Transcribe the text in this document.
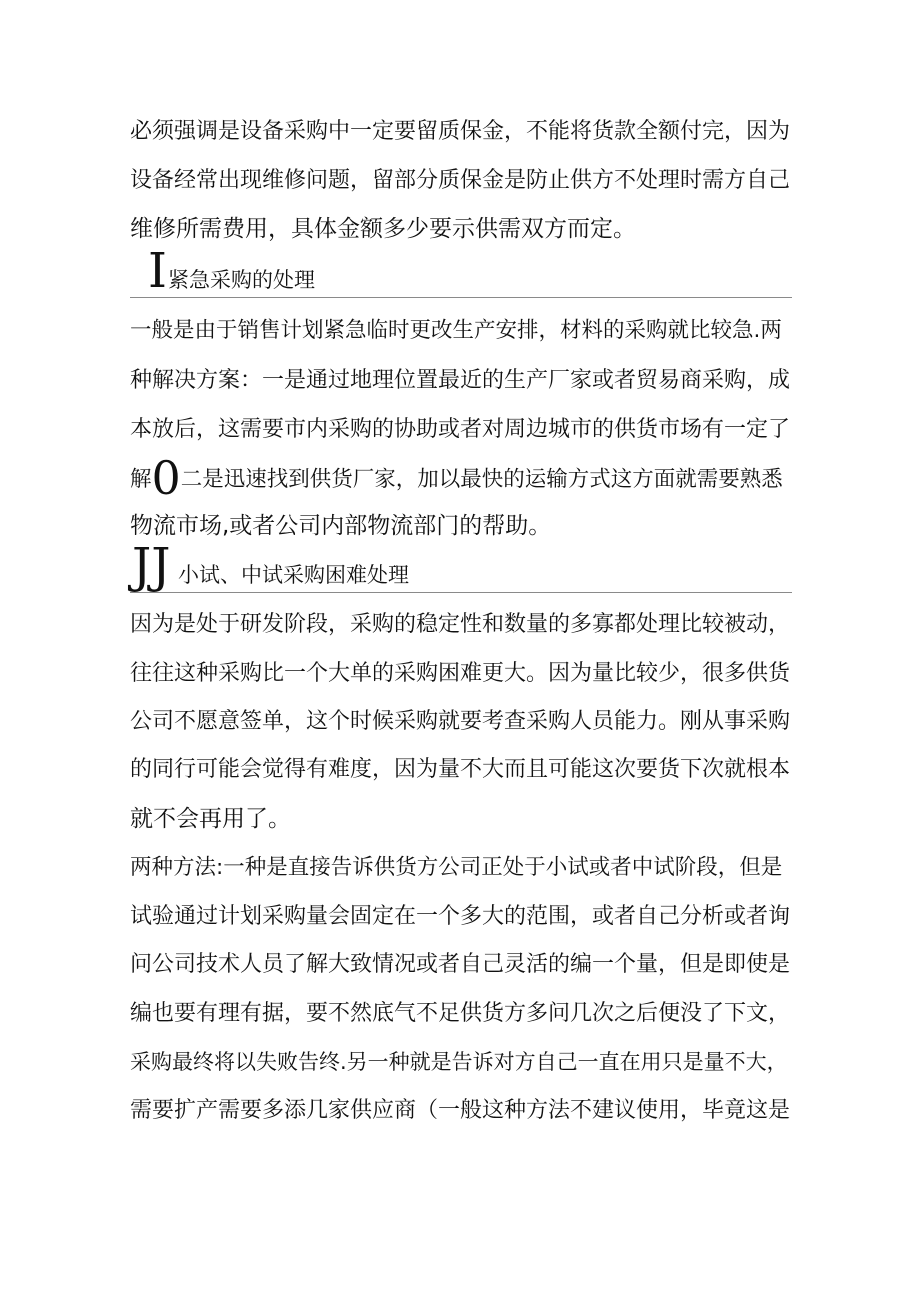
必须强调是设备采购中一定要留质保金，不能将货款全额付完，因为
设备经常出现维修问题，留部分质保金是防止供方不处理时需方自己
维修所需费用，具体金额多少要示供需双方而定。
I 紧急采购的处理
一般是由于销售计划紧急临时更改生产安排，材料的采购就比较急.两
种解决方案：一是通过地理位置最近的生产厂家或者贸易商采购，成
本放后，这需要市内采购的协助或者对周边城市的供货市场有一定了
解0二是迅速找到供货厂家，加以最快的运输方式这方面就需要熟悉
物流市场,或者公司内部物流部门的帮助。
JJ 小试、中试采购困难处理
因为是处于研发阶段，采购的稳定性和数量的多寡都处理比较被动，
往往这种采购比一个大单的采购困难更大。因为量比较少，很多供货
公司不愿意签单，这个时候采购就要考查采购人员能力。刚从事采购
的同行可能会觉得有难度，因为量不大而且可能这次要货下次就根本
就不会再用了。
两种方法:一种是直接告诉供货方公司正处于小试或者中试阶段，但是
试验通过计划采购量会固定在一个多大的范围，或者自己分析或者询
问公司技术人员了解大致情况或者自己灵活的编一个量，但是即使是
编也要有理有据，要不然底气不足供货方多问几次之后便没了下文，
采购最终将以失败告终.另一种就是告诉对方自己一直在用只是量不大，
需要扩产需要多添几家供应商（一般这种方法不建议使用，毕竟这是
